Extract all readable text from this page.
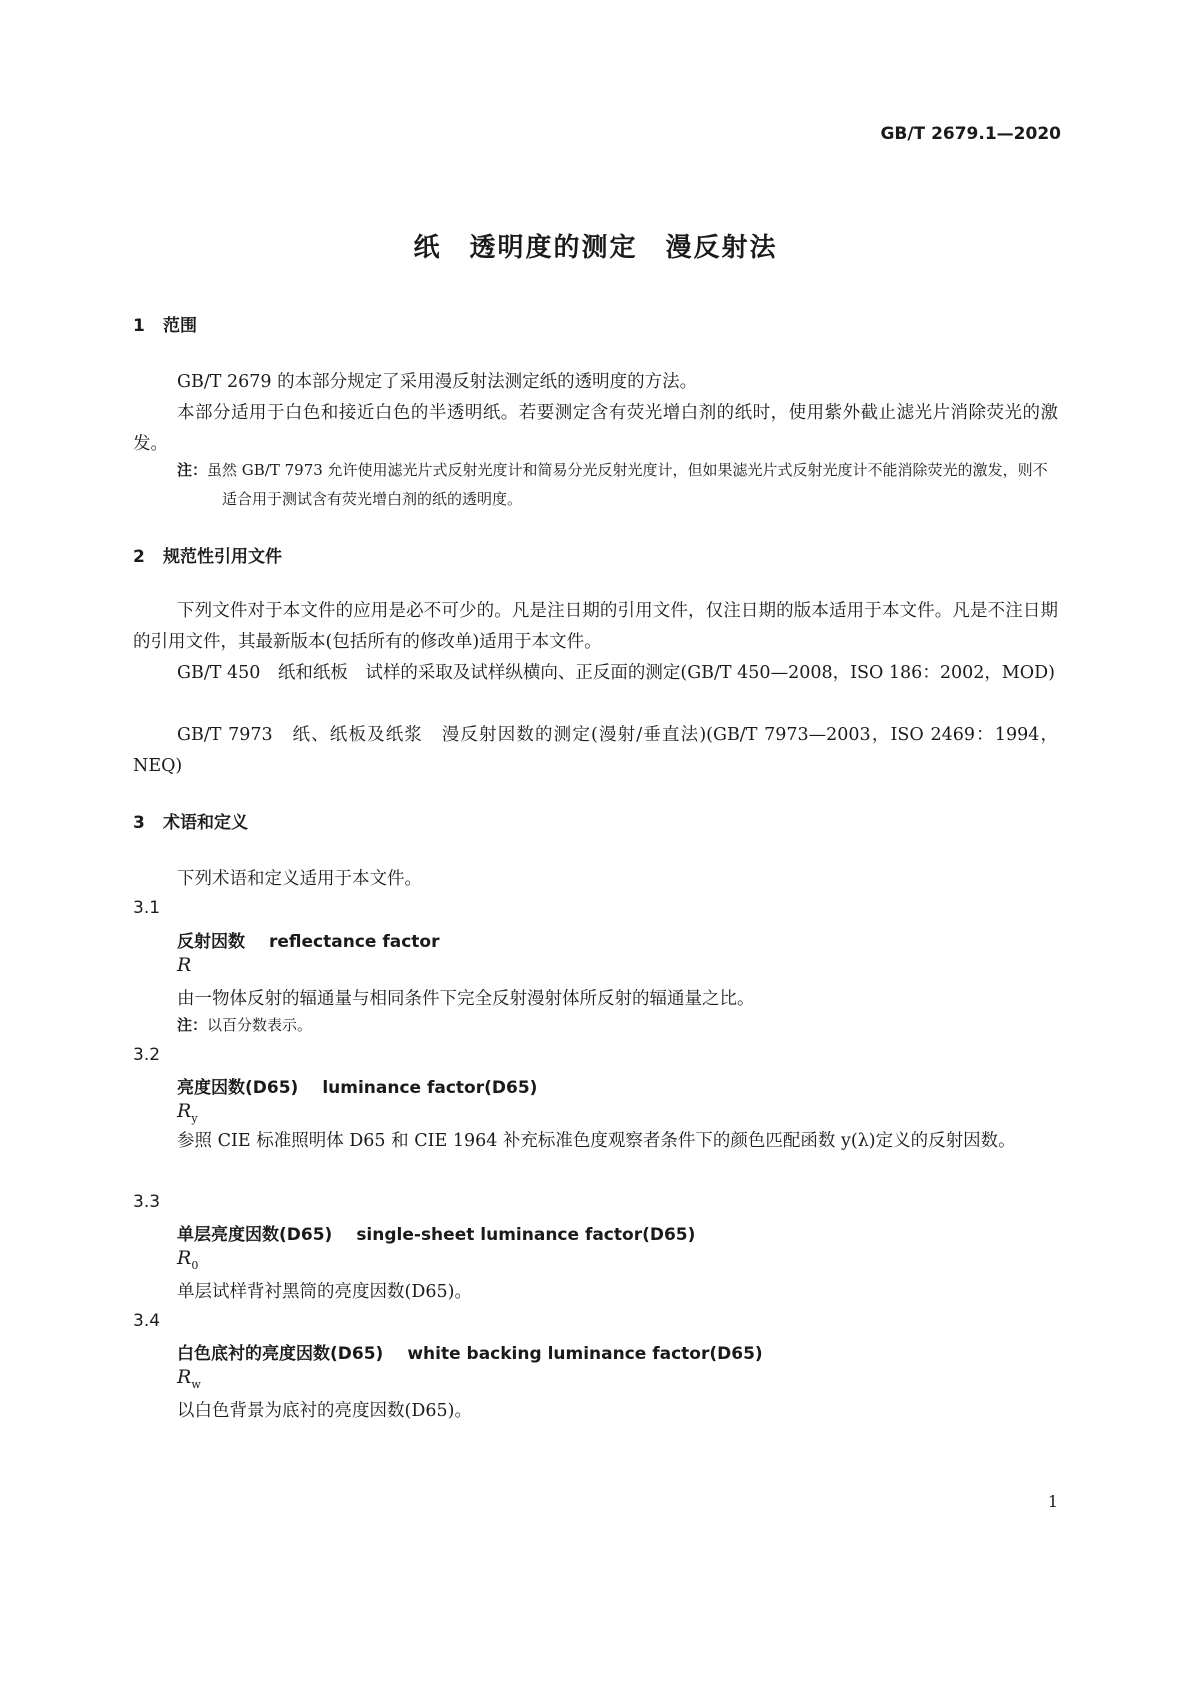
GB/T 2679.1—2020
纸　透明度的测定　漫反射法
1 范围
GB/T 2679 的本部分规定了采用漫反射法测定纸的透明度的方法。
本部分适用于白色和接近白色的半透明纸。若要测定含有荧光增白剂的纸时，使用紫外截止滤光片消除荧光的激发。
注：虽然 GB/T 7973 允许使用滤光片式反射光度计和简易分光反射光度计，但如果滤光片式反射光度计不能消除荧光的激发，则不适合用于测试含有荧光增白剂的纸的透明度。
2 规范性引用文件
下列文件对于本文件的应用是必不可少的。凡是注日期的引用文件，仅注日期的版本适用于本文件。凡是不注日期的引用文件，其最新版本(包括所有的修改单)适用于本文件。
GB/T 450　纸和纸板　试样的采取及试样纵横向、正反面的测定(GB/T 450—2008，ISO 186：2002，MOD)
GB/T 7973　纸、纸板及纸浆　漫反射因数的测定(漫射/垂直法)(GB/T 7973—2003，ISO 2469：1994，NEQ)
3 术语和定义
下列术语和定义适用于本文件。
3.1
反射因数 reflectance factor
R
由一物体反射的辐通量与相同条件下完全反射漫射体所反射的辐通量之比。
注：以百分数表示。
3.2
亮度因数(D65) luminance factor(D65)
$R_y$
参照 CIE 标准照明体 D65 和 CIE 1964 补充标准色度观察者条件下的颜色匹配函数 y(λ)定义的反射因数。
3.3
单层亮度因数(D65) single-sheet luminance factor(D65)
$R_0$
单层试样背衬黑筒的亮度因数(D65)。
3.4
白色底衬的亮度因数(D65) white backing luminance factor(D65)
$R_w$
以白色背景为底衬的亮度因数(D65)。
1
